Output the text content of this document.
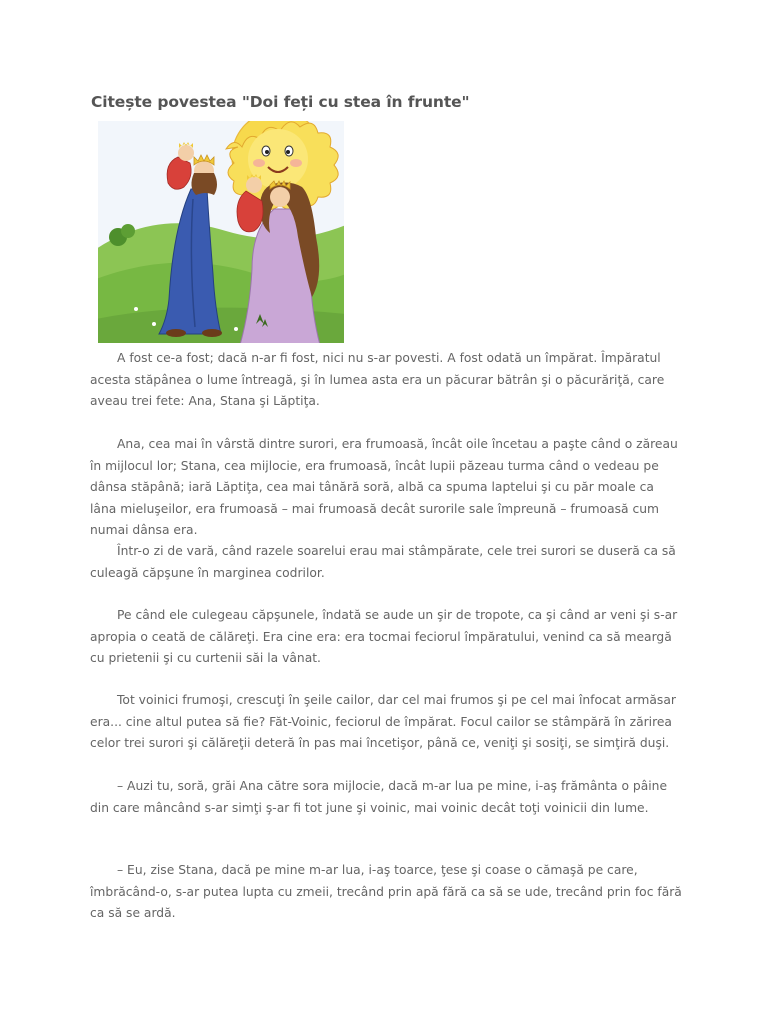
Citește povestea "Doi feți cu stea în frunte"

A fost ce-a fost; dacă n-ar fi fost, nici nu s-ar povesti. A fost odată un împărat. Împăratul acesta stăpânea o lume întreagă, şi în lumea asta era un păcurar bătrân şi o păcurăriţă, care aveau trei fete: Ana, Stana şi Lăptiţa.

Ana, cea mai în vârstă dintre surori, era frumoasă, încât oile încetau a paşte când o zăreau în mijlocul lor; Stana, cea mijlocie, era frumoasă, încât lupii păzeau turma când o vedeau pe dânsa stăpână; iară Lăptiţa, cea mai tânără soră, albă ca spuma laptelui şi cu păr moale ca lâna mieluşeilor, era frumoasă – mai frumoasă decât surorile sale împreună – frumoasă cum numai dânsa era.

Într-o zi de vară, când razele soarelui erau mai stâmpărate, cele trei surori se duseră ca să culeagă căpşune în marginea codrilor.

Pe când ele culegeau căpşunele, îndată se aude un şir de tropote, ca şi când ar veni şi s-ar apropia o ceată de călăreţi. Era cine era: era tocmai feciorul împăratului, venind ca să meargă cu prietenii şi cu curtenii săi la vânat.

Tot voinici frumoşi, crescuţi în şeile cailor, dar cel mai frumos şi pe cel mai înfocat armăsar era... cine altul putea să fie? Făt-Voinic, feciorul de împărat. Focul cailor se stâmpără în zărirea celor trei surori şi călăreţii deteră în pas mai încetişor, până ce, veniţi şi sosiţi, se simţiră duşi.

– Auzi tu, soră, grăi Ana către sora mijlocie, dacă m-ar lua pe mine, i-aş frământa o pâine din care mâncând s-ar simţi ş-ar fi tot june şi voinic, mai voinic decât toţi voinicii din lume.

– Eu, zise Stana, dacă pe mine m-ar lua, i-aş toarce, ţese şi coase o cămaşă pe care, îmbrăcând-o, s-ar putea lupta cu zmeii, trecând prin apă fără ca să se ude, trecând prin foc fără ca să se ardă.
